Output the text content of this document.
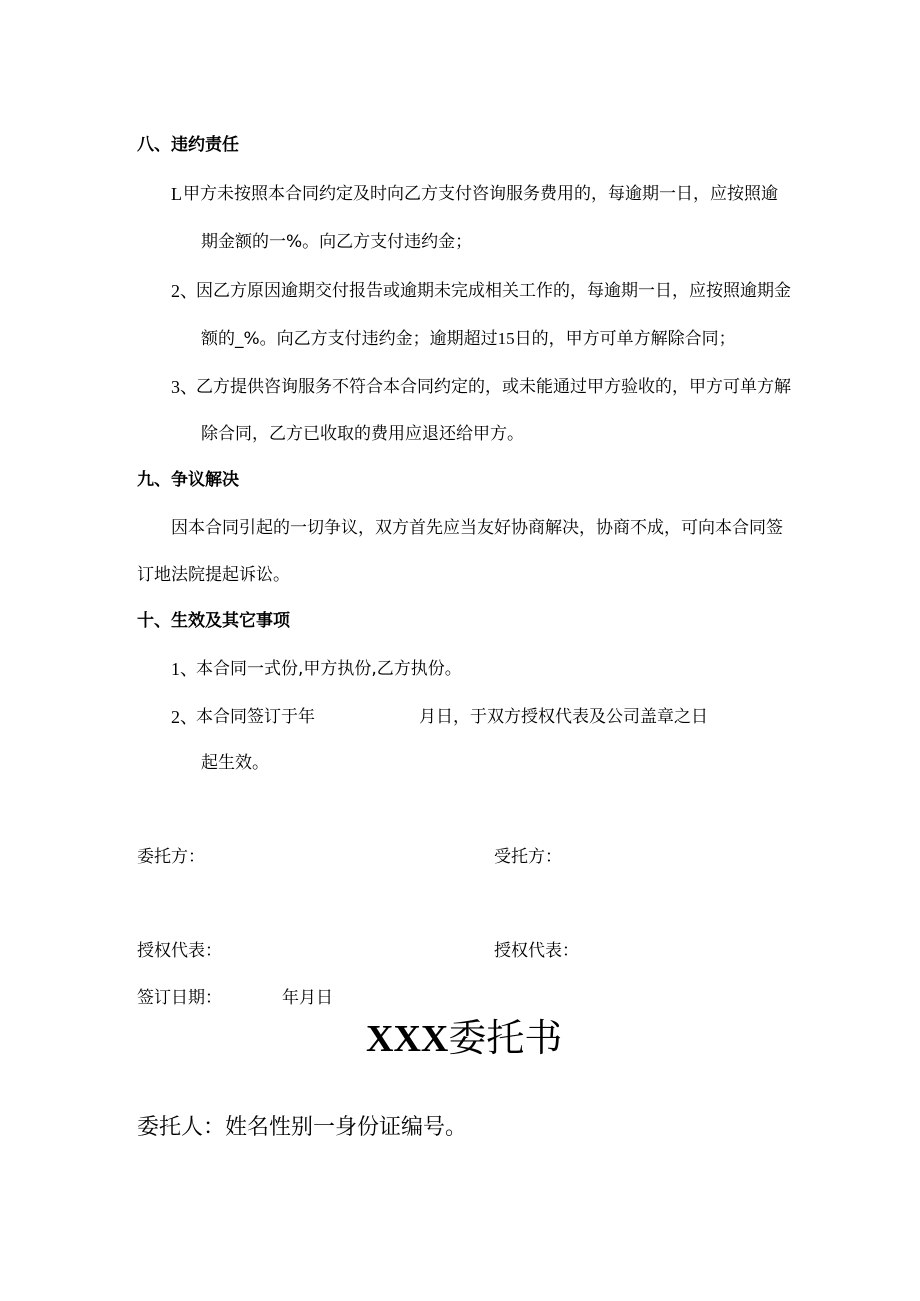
八、违约责任
L 甲方未按照本合同约定及时向乙方支付咨询服务费用的，每逾期一日，应按照逾
期金额的一%。向乙方支付违约金；
2、
因乙方原因逾期交付报告或逾期未完成相关工作的，每逾期一日，应按照逾期金
额的_%。向乙方支付违约金；逾期超过15日的，甲方可单方解除合同；
3、
乙方提供咨询服务不符合本合同约定的，或未能通过甲方验收的，甲方可单方解
除合同，乙方已收取的费用应退还给甲方。
九、争议解决
因本合同引起的一切争议，双方首先应当友好协商解决，协商不成，可向本合同签
订地法院提起诉讼。
十、生效及其它事项
1、
本合同一式份,甲方执份,乙方执份。
2、
本合同签订于年	月日，于双方授权代表及公司盖章之日
起生效。
委托方：	受托方：
授权代表：	授权代表：
签订日期：	年月日
XXX委托书
委托人：姓名性别一身份证编号。
